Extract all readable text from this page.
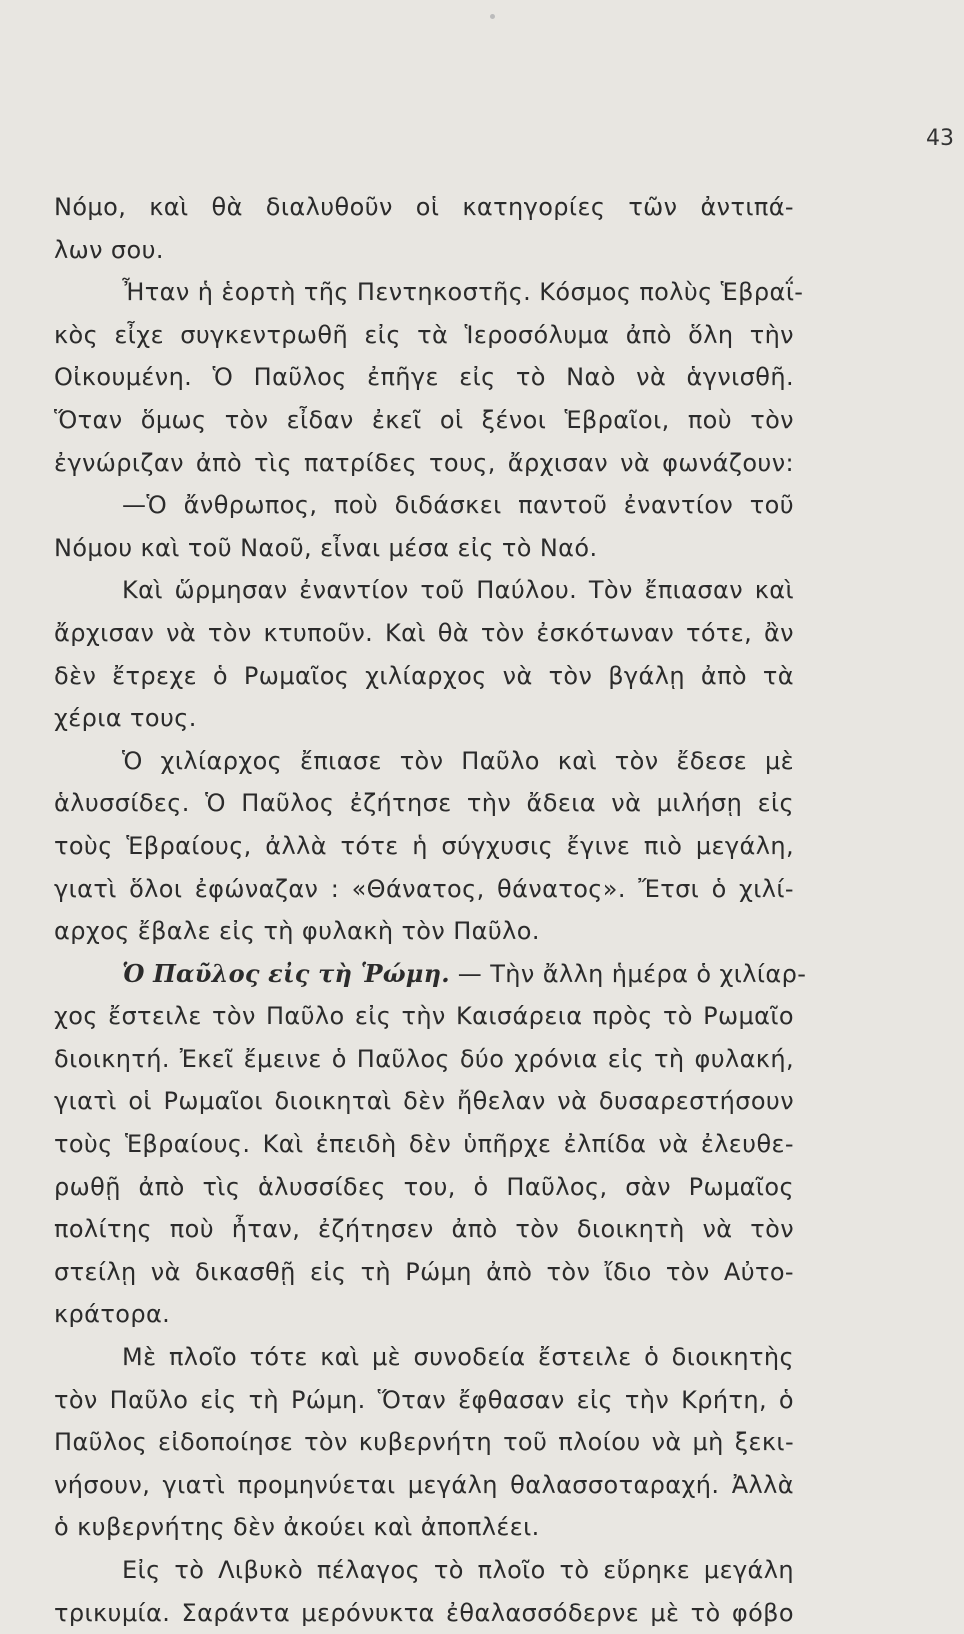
43
Νόμο, καὶ θὰ διαλυθοῦν οἱ κατηγορίες τῶν ἀντιπά-
λων σου.
Ἦταν ἡ ἑορτὴ τῆς Πεντηκοστῆς. Κόσμος πολὺς Ἑβραΐ-
κὸς εἶχε συγκεντρωθῆ εἰς τὰ Ἱεροσόλυμα ἀπὸ ὅλη τὴν
Οἰκουμένη. Ὁ Παῦλος ἐπῆγε εἰς τὸ Ναὸ νὰ ἁγνισθῆ.
Ὅταν ὅμως τὸν εἶδαν ἐκεῖ οἱ ξένοι Ἑβραῖοι, ποὺ τὸν
ἐγνώριζαν ἀπὸ τὶς πατρίδες τους, ἄρχισαν νὰ φωνάζουν:
—Ὁ ἄνθρωπος, ποὺ διδάσκει παντοῦ ἐναντίον τοῦ
Νόμου καὶ τοῦ Ναοῦ, εἶναι μέσα εἰς τὸ Ναό.
Καὶ ὥρμησαν ἐναντίον τοῦ Παύλου. Τὸν ἔπιασαν καὶ
ἄρχισαν νὰ τὸν κτυποῦν. Καὶ θὰ τὸν ἐσκότωναν τότε, ἂν
δὲν ἔτρεχε ὁ Ρωμαῖος χιλίαρχος νὰ τὸν βγάλῃ ἀπὸ τὰ
χέρια τους.
Ὁ χιλίαρχος ἔπιασε τὸν Παῦλο καὶ τὸν ἔδεσε μὲ
ἁλυσσίδες. Ὁ Παῦλος ἐζήτησε τὴν ἄδεια νὰ μιλήσῃ εἰς
τοὺς Ἑβραίους, ἀλλὰ τότε ἡ σύγχυσις ἔγινε πιὸ μεγάλη,
γιατὶ ὅλοι ἐφώναζαν : «Θάνατος, θάνατος». Ἔτσι ὁ χιλί-
αρχος ἔβαλε εἰς τὴ φυλακὴ τὸν Παῦλο.
Ὁ Παῦλος εἰς τὴ Ῥώμη. — Τὴν ἄλλη ἡμέρα ὁ χιλίαρ-
χος ἔστειλε τὸν Παῦλο εἰς τὴν Καισάρεια πρὸς τὸ Ρωμαῖο
διοικητή. Ἐκεῖ ἔμεινε ὁ Παῦλος δύο χρόνια εἰς τὴ φυλακή,
γιατὶ οἱ Ρωμαῖοι διοικηταὶ δὲν ἤθελαν νὰ δυσαρεστήσουν
τοὺς Ἑβραίους. Καὶ ἐπειδὴ δὲν ὑπῆρχε ἐλπίδα νὰ ἐλευθε-
ρωθῇ ἀπὸ τὶς ἁλυσσίδες του, ὁ Παῦλος, σὰν Ρωμαῖος
πολίτης ποὺ ἦταν, ἐζήτησεν ἀπὸ τὸν διοικητὴ νὰ τὸν
στείλῃ νὰ δικασθῇ εἰς τὴ Ρώμη ἀπὸ τὸν ἴδιο τὸν Αὐτο-
κράτορα.
Μὲ πλοῖο τότε καὶ μὲ συνοδεία ἔστειλε ὁ διοικητὴς
τὸν Παῦλο εἰς τὴ Ρώμη. Ὅταν ἔφθασαν εἰς τὴν Κρήτη, ὁ
Παῦλος εἰδοποίησε τὸν κυβερνήτη τοῦ πλοίου νὰ μὴ ξεκι-
νήσουν, γιατὶ προμηνύεται μεγάλη θαλασσοταραχή. Ἀλλὰ
ὁ κυβερνήτης δὲν ἀκούει καὶ ἀποπλέει.
Εἰς τὸ Λιβυκὸ πέλαγος τὸ πλοῖο τὸ εὕρηκε μεγάλη
τρικυμία. Σαράντα μερόνυκτα ἐθαλασσόδερνε μὲ τὸ φόβο
